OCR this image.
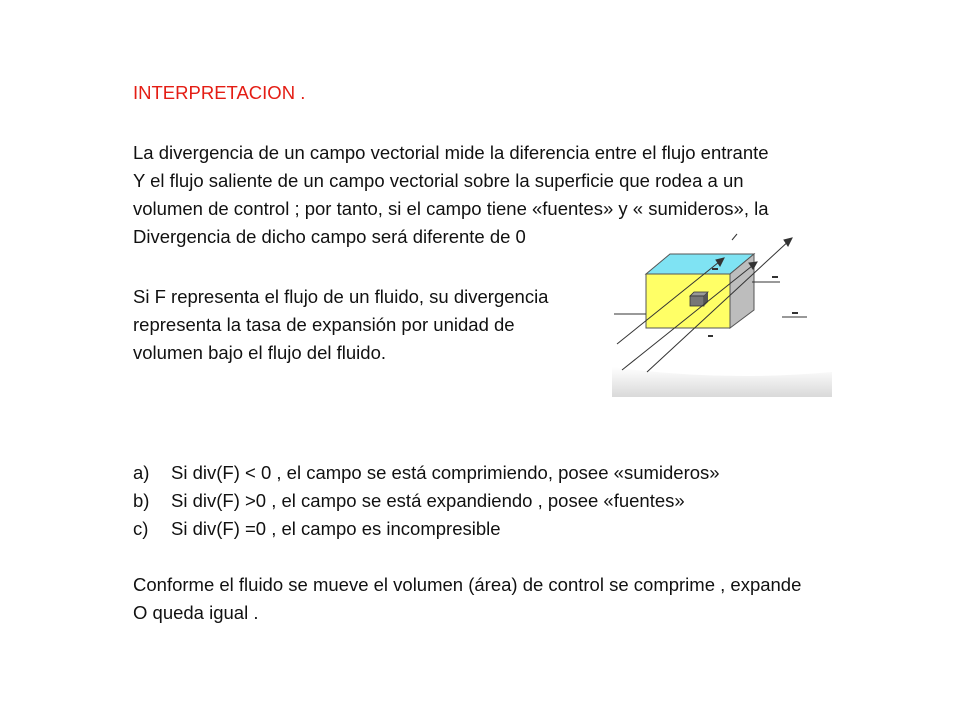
INTERPRETACION .
La divergencia de un campo vectorial mide la diferencia entre el flujo entrante
Y el flujo saliente de un campo vectorial sobre la superficie que rodea a un
volumen de control ; por tanto, si el campo tiene «fuentes» y « sumideros», la
Divergencia de dicho campo será diferente de 0
Si F representa el flujo de un fluido, su divergencia
representa la tasa de expansión por unidad de
volumen bajo el flujo del fluido.
a) Si div(F) < 0 , el campo se está comprimiendo, posee «sumideros»
b) Si div(F) >0 , el campo se está expandiendo , posee «fuentes»
c) Si div(F) =0 , el campo es incompresible
Conforme el fluido se mueve el volumen (área) de control se comprime , expande
O queda igual .
